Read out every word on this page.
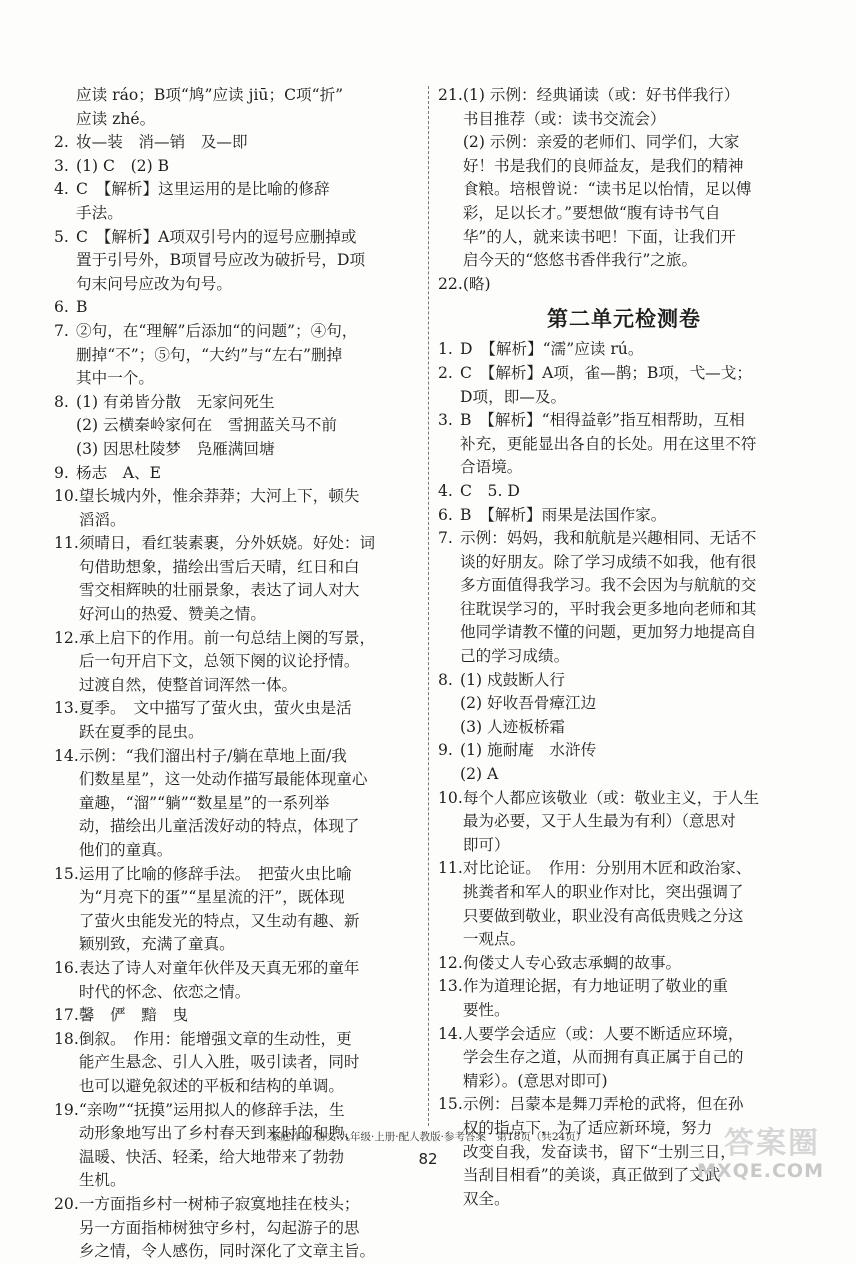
应读 ráo；B项“鸠”应读 jiū；C项“折”
应读 zhé。
2. 妆—装　消—销　及—即
3. (1) C　(2) B
4. C　【解析】这里运用的是比喻的修辞
手法。
5. C　【解析】A项双引号内的逗号应删掉或
置于引号外，B项冒号应改为破折号，D项
句末问号应改为句号。
6. B
7. ②句，在“理解”后添加“的问题”；④句，
删掉“不”；⑤句，“大约”与“左右”删掉
其中一个。
8. (1) 有弟皆分散　无家问死生
(2) 云横秦岭家何在　雪拥蓝关马不前
(3) 因思杜陵梦　凫雁满回塘
9. 杨志　A、E
10. 望长城内外，惟余莽莽；大河上下，顿失
滔滔。
11. 须晴日，看红装素裹，分外妖娆。好处：词
句借助想象，描绘出雪后天晴，红日和白
雪交相辉映的壮丽景象，表达了词人对大
好河山的热爱、赞美之情。
12. 承上启下的作用。前一句总结上阕的写景，
后一句开启下文，总领下阕的议论抒情。
过渡自然，使整首词浑然一体。
13. 夏季。　文中描写了萤火虫，萤火虫是活
跃在夏季的昆虫。
14. 示例：“我们溜出村子/躺在草地上面/我
们数星星”，这一处动作描写最能体现童心
童趣，“溜”“躺”“数星星”的一系列举
动，描绘出儿童活泼好动的特点，体现了
他们的童真。
15. 运用了比喻的修辞手法。　把萤火虫比喻
为“月亮下的蛋”“星星流的汗”，既体现
了萤火虫能发光的特点，又生动有趣、新
颖别致，充满了童真。
16. 表达了诗人对童年伙伴及天真无邪的童年
时代的怀念、依恋之情。
17. 馨　俨　黯　曳
18. 倒叙。　作用：能增强文章的生动性，更
能产生悬念、引人入胜，吸引读者，同时
也可以避免叙述的平板和结构的单调。
19. “亲吻”“抚摸”运用拟人的修辞手法，生
动形象地写出了乡村春天到来时的和煦、
温暖、快活、轻柔，给大地带来了勃勃
生机。
20. 一方面指乡村一树柿子寂寞地挂在枝头；
另一方面指柿树独守乡村，勾起游子的思
乡之情，令人感伤，同时深化了文章主旨。
21. (1) 示例：经典诵读（或：好书伴我行）
书目推荐（或：读书交流会）
(2) 示例：亲爱的老师们、同学们，大家
好！书是我们的良师益友，是我们的精神
食粮。培根曾说：“读书足以怡情，足以傅
彩，足以长才。”要想做“腹有诗书气自
华”的人，就来读书吧！下面，让我们开
启今天的“悠悠书香伴我行”之旅。
22. (略)
第二单元检测卷
1. D　【解析】“濡”应读 rú。
2. C　【解析】A项，雀—鹊；B项，弋—戈；
D项，即—及。
3. B　【解析】“相得益彰”指互相帮助，互相
补充，更能显出各自的长处。用在这里不符
合语境。
4. C　5. D
6. B　【解析】雨果是法国作家。
7. 示例：妈妈，我和航航是兴趣相同、无话不
谈的好朋友。除了学习成绩不如我，他有很
多方面值得我学习。我不会因为与航航的交
往耽误学习的，平时我会更多地向老师和其
他同学请教不懂的问题，更加努力地提高自
己的学习成绩。
8. (1) 戍鼓断人行
(2) 好收吾骨瘴江边
(3) 人迹板桥霜
9. (1) 施耐庵　水浒传
(2) A
10. 每个人都应该敬业（或：敬业主义，于人生
最为必要，又于人生最为有利）（意思对
即可）
11. 对比论证。　作用：分别用木匠和政治家、
挑粪者和军人的职业作对比，突出强调了
只要做到敬业，职业没有高低贵贱之分这
一观点。
12. 佝偻丈人专心致志承蜩的故事。
13. 作为道理论据，有力地证明了敬业的重
要性。
14. 人要学会适应（或：人要不断适应环境，
学会生存之道，从而拥有真正属于自己的
精彩）。(意思对即可)
15. 示例：吕蒙本是舞刀弄枪的武将，但在孙
权的指点下，为了适应新环境，努力
改变自我，发奋读书，留下“士别三日，
当刮目相看”的美谈，真正做到了文武
双全。
家庭作业·语文·九年级·上册·配人教版·参考答案　第18页（共24页）
82	答案圈
MXQE.COM
